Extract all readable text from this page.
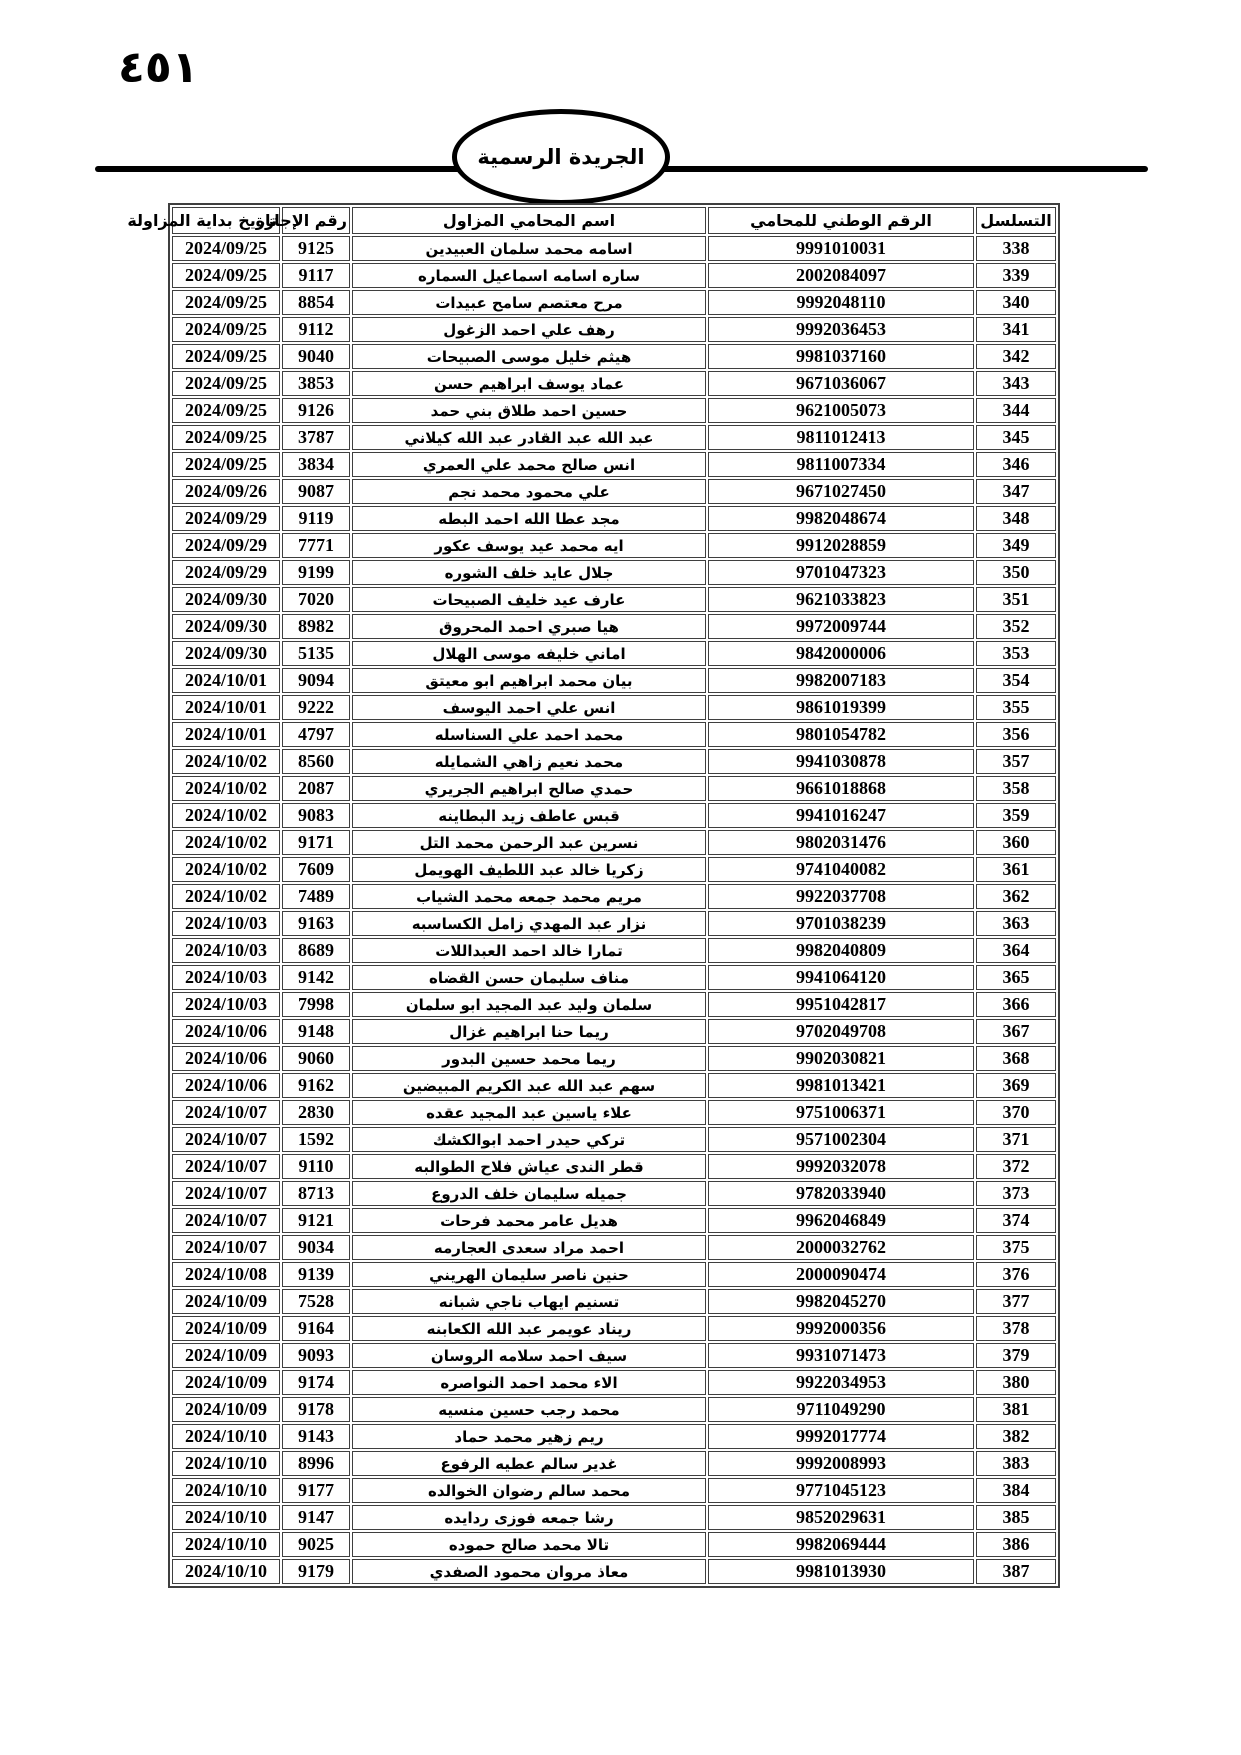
٤٥١
الجريدة الرسمية
التسلسل	الرقم الوطني للمحامي	اسم المحامي المزاول	رقم الإجازة	تاريخ بداية المزاولة
338	9991010031	اسامه محمد سلمان العبيدين	9125	2024/09/25
339	2002084097	ساره اسامه اسماعيل السماره	9117	2024/09/25
340	9992048110	مرح معتصم سامح عبيدات	8854	2024/09/25
341	9992036453	رهف علي احمد الزغول	9112	2024/09/25
342	9981037160	هيثم خليل موسى الصبيحات	9040	2024/09/25
343	9671036067	عماد يوسف ابراهيم حسن	3853	2024/09/25
344	9621005073	حسين احمد طلاق بني حمد	9126	2024/09/25
345	9811012413	عبد الله عبد القادر عبد الله كيلاني	3787	2024/09/25
346	9811007334	انس صالح محمد علي العمري	3834	2024/09/25
347	9671027450	علي محمود محمد نجم	9087	2024/09/26
348	9982048674	مجد عطا الله احمد البطه	9119	2024/09/29
349	9912028859	ايه محمد عيد يوسف عكور	7771	2024/09/29
350	9701047323	جلال عايد خلف الشوره	9199	2024/09/29
351	9621033823	عارف عيد خليف الصبيحات	7020	2024/09/30
352	9972009744	هيا صبري احمد المحروق	8982	2024/09/30
353	9842000006	اماني خليفه موسى الهلال	5135	2024/09/30
354	9982007183	بيان محمد ابراهيم ابو معيتق	9094	2024/10/01
355	9861019399	انس علي احمد اليوسف	9222	2024/10/01
356	9801054782	محمد احمد علي السناسله	4797	2024/10/01
357	9941030878	محمد نعيم زاهي الشمايله	8560	2024/10/02
358	9661018868	حمدي صالح ابراهيم الجريري	2087	2024/10/02
359	9941016247	قبس عاطف زيد البطاينه	9083	2024/10/02
360	9802031476	نسرين عبد الرحمن محمد التل	9171	2024/10/02
361	9741040082	زكريا خالد عبد اللطيف الهويمل	7609	2024/10/02
362	9922037708	مريم محمد جمعه محمد الشياب	7489	2024/10/02
363	9701038239	نزار عبد المهدي زامل الكساسبه	9163	2024/10/03
364	9982040809	تمارا خالد احمد العبداللات	8689	2024/10/03
365	9941064120	مناف سليمان حسن القضاه	9142	2024/10/03
366	9951042817	سلمان وليد عبد المجيد ابو سلمان	7998	2024/10/03
367	9702049708	ريما حنا ابراهيم غزال	9148	2024/10/06
368	9902030821	ريما محمد حسين البدور	9060	2024/10/06
369	9981013421	سهم عبد الله عبد الكريم المبيضين	9162	2024/10/06
370	9751006371	علاء ياسين عبد المجيد عقده	2830	2024/10/07
371	9571002304	تركي حيدر احمد ابوالكشك	1592	2024/10/07
372	9992032078	قطر الندى عياش فلاح الطوالبه	9110	2024/10/07
373	9782033940	جميله سليمان خلف الدروع	8713	2024/10/07
374	9962046849	هديل عامر محمد فرحات	9121	2024/10/07
375	2000032762	احمد مراد سعدى العجارمه	9034	2024/10/07
376	2000090474	حنين ناصر سليمان الهريني	9139	2024/10/08
377	9982045270	تسنيم ايهاب ناجي شبانه	7528	2024/10/09
378	9992000356	ريناد عويمر عبد الله الكعابنه	9164	2024/10/09
379	9931071473	سيف احمد سلامه الروسان	9093	2024/10/09
380	9922034953	الاء محمد احمد النواصره	9174	2024/10/09
381	9711049290	محمد رجب حسين منسيه	9178	2024/10/09
382	9992017774	ريم زهير محمد حماد	9143	2024/10/10
383	9992008993	غدير سالم عطيه الرفوع	8996	2024/10/10
384	9771045123	محمد سالم رضوان الخوالده	9177	2024/10/10
385	9852029631	رشا جمعه فوزى ردايده	9147	2024/10/10
386	9982069444	تالا محمد صالح حموده	9025	2024/10/10
387	9981013930	معاذ مروان محمود الصفدي	9179	2024/10/10
